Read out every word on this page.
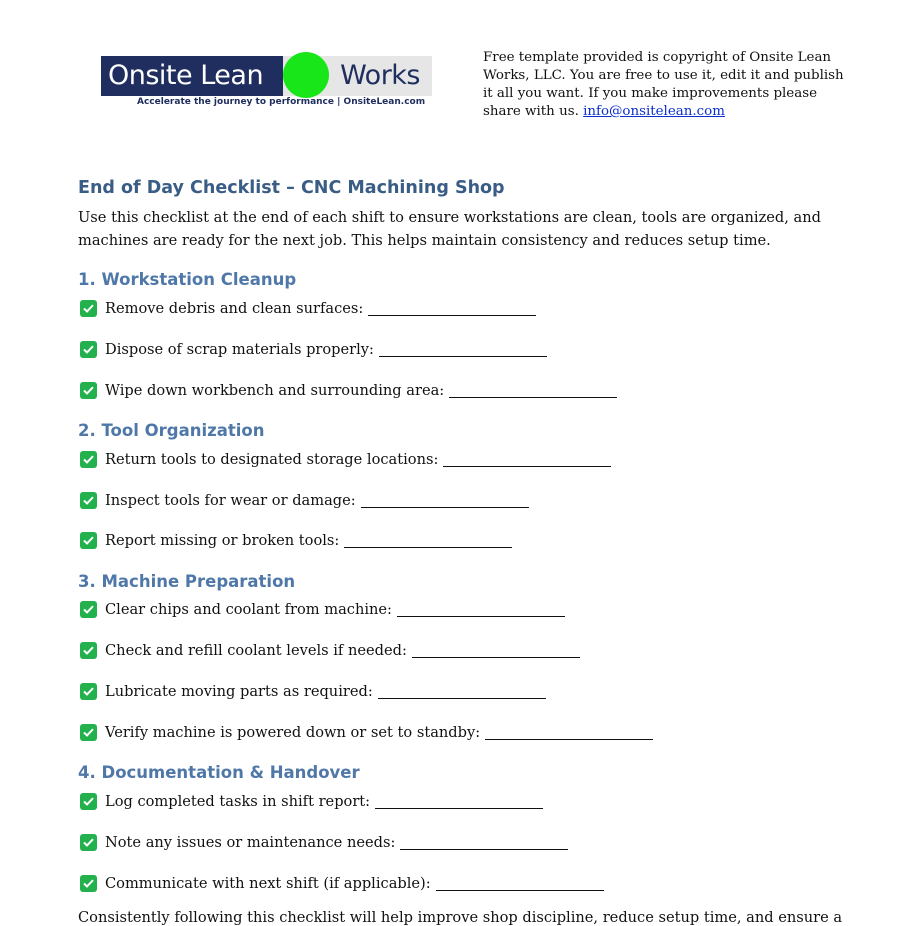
Onsite Lean	Works
Accelerate the journey to performance | OnsiteLean.com
Free template provided is copyright of Onsite Lean Works, LLC. You are free to use it, edit it and publish it all you want. If you make improvements please share with us. info@onsitelean.com
End of Day Checklist – CNC Machining Shop
Use this checklist at the end of each shift to ensure workstations are clean, tools are organized, and machines are ready for the next job. This helps maintain consistency and reduces setup time.
1. Workstation Cleanup
Remove debris and clean surfaces:
Dispose of scrap materials properly:
Wipe down workbench and surrounding area:
2. Tool Organization
Return tools to designated storage locations:
Inspect tools for wear or damage:
Report missing or broken tools:
3. Machine Preparation
Clear chips and coolant from machine:
Check and refill coolant levels if needed:
Lubricate moving parts as required:
Verify machine is powered down or set to standby:
4. Documentation & Handover
Log completed tasks in shift report:
Note any issues or maintenance needs:
Communicate with next shift (if applicable):
Consistently following this checklist will help improve shop discipline, reduce setup time, and ensure a
